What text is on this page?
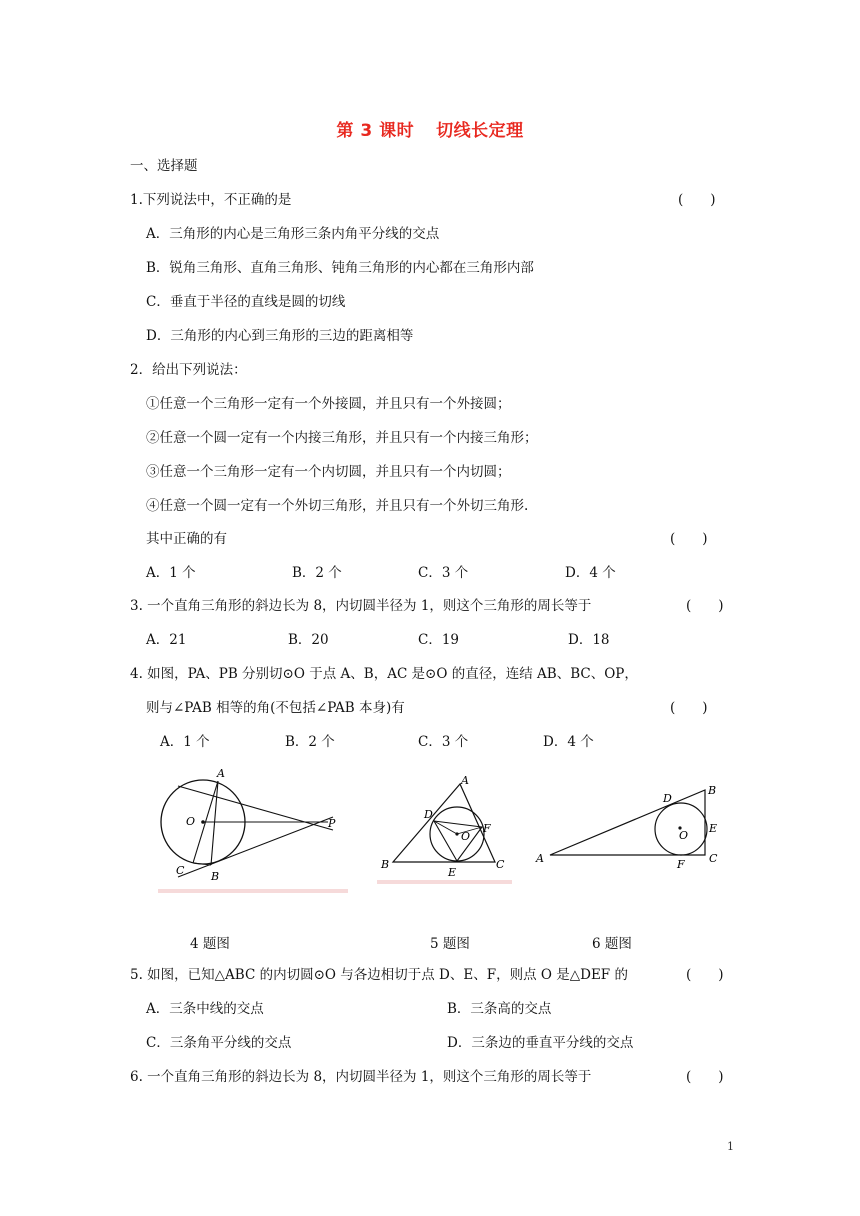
第 3 课时 切线长定理
一、选择题
1.下列说法中，不正确的是	(　　)
A．三角形的内心是三角形三条内角平分线的交点
B．锐角三角形、直角三角形、钝角三角形的内心都在三角形内部
C．垂直于半径的直线是圆的切线
D．三角形的内心到三角形的三边的距离相等
2．给出下列说法：
①任意一个三角形一定有一个外接圆，并且只有一个外接圆；
②任意一个圆一定有一个内接三角形，并且只有一个内接三角形；
③任意一个三角形一定有一个内切圆，并且只有一个内切圆；
④任意一个圆一定有一个外切三角形，并且只有一个外切三角形.
其中正确的有	(　　)
A．1 个	B．2 个	C．3 个	D．4 个
3. 一个直角三角形的斜边长为 8，内切圆半径为 1，则这个三角形的周长等于	(　　)
A．21	B．20	C．19	D．18
4. 如图，PA、PB 分别切⊙O 于点 A、B，AC 是⊙O 的直径，连结 AB、BC、OP，
则与∠PAB 相等的角(不包括∠PAB 本身)有	(　　)
A．1 个	B．2 个	C．3 个	D．4 个
A
O	P
C B
A
D
O
F
B
E
C
D
B
O
E
A	F C
4 题图	5 题图	6 题图
5. 如图，已知△ABC 的内切圆⊙O 与各边相切于点 D、E、F，则点 O 是△DEF 的	(　　)
A．三条中线的交点	B．三条高的交点
C．三条角平分线的交点	D．三条边的垂直平分线的交点
6. 一个直角三角形的斜边长为 8，内切圆半径为 1，则这个三角形的周长等于	(　　)
1
